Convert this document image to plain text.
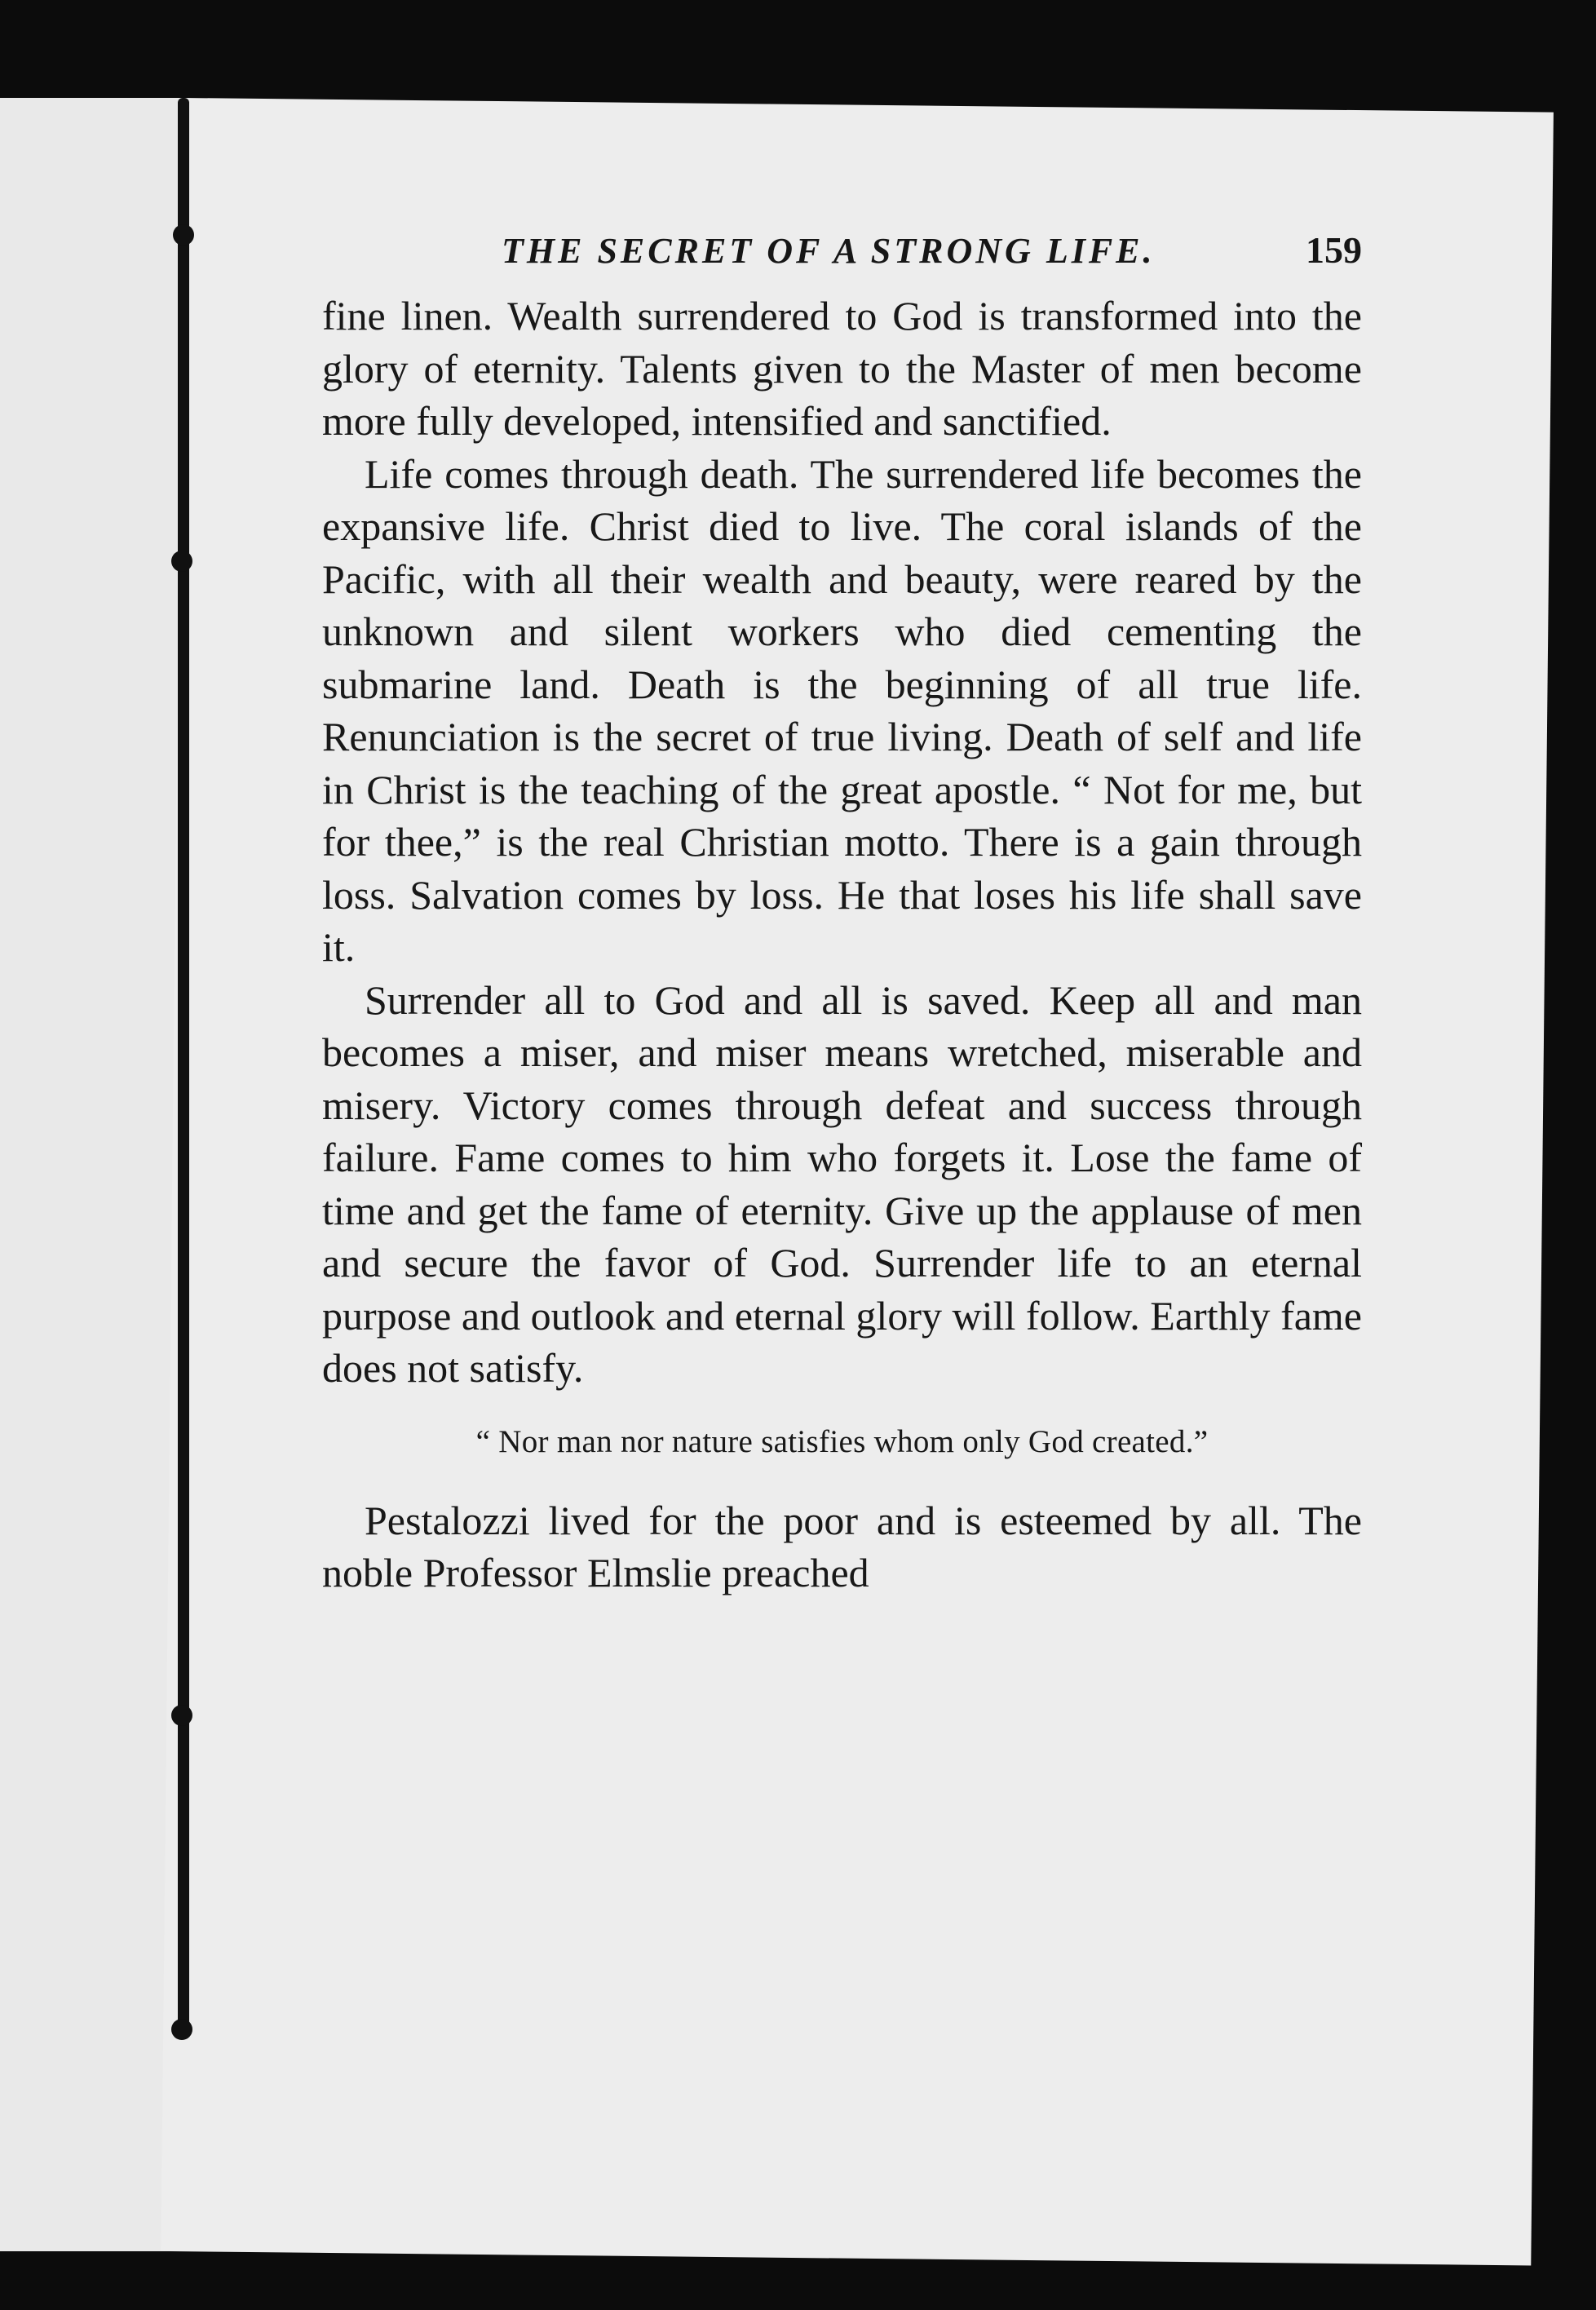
THE SECRET OF A STRONG LIFE.	159

fine linen. Wealth surrendered to God is transformed into the glory of eternity. Talents given to the Master of men become more fully developed, intensified and sanctified.

Life comes through death. The surrendered life becomes the expansive life. Christ died to live. The coral islands of the Pacific, with all their wealth and beauty, were reared by the unknown and silent workers who died cementing the submarine land. Death is the beginning of all true life. Renunciation is the secret of true living. Death of self and life in Christ is the teaching of the great apostle. “ Not for me, but for thee,” is the real Christian motto. There is a gain through loss. Salvation comes by loss. He that loses his life shall save it.

Surrender all to God and all is saved. Keep all and man becomes a miser, and miser means wretched, miserable and misery. Victory comes through defeat and success through failure. Fame comes to him who forgets it. Lose the fame of time and get the fame of eternity. Give up the applause of men and secure the favor of God. Surrender life to an eternal purpose and outlook and eternal glory will follow. Earthly fame does not satisfy.

“ Nor man nor nature satisfies whom only God created.”

Pestalozzi lived for the poor and is esteemed by all. The noble Professor Elmslie preached
